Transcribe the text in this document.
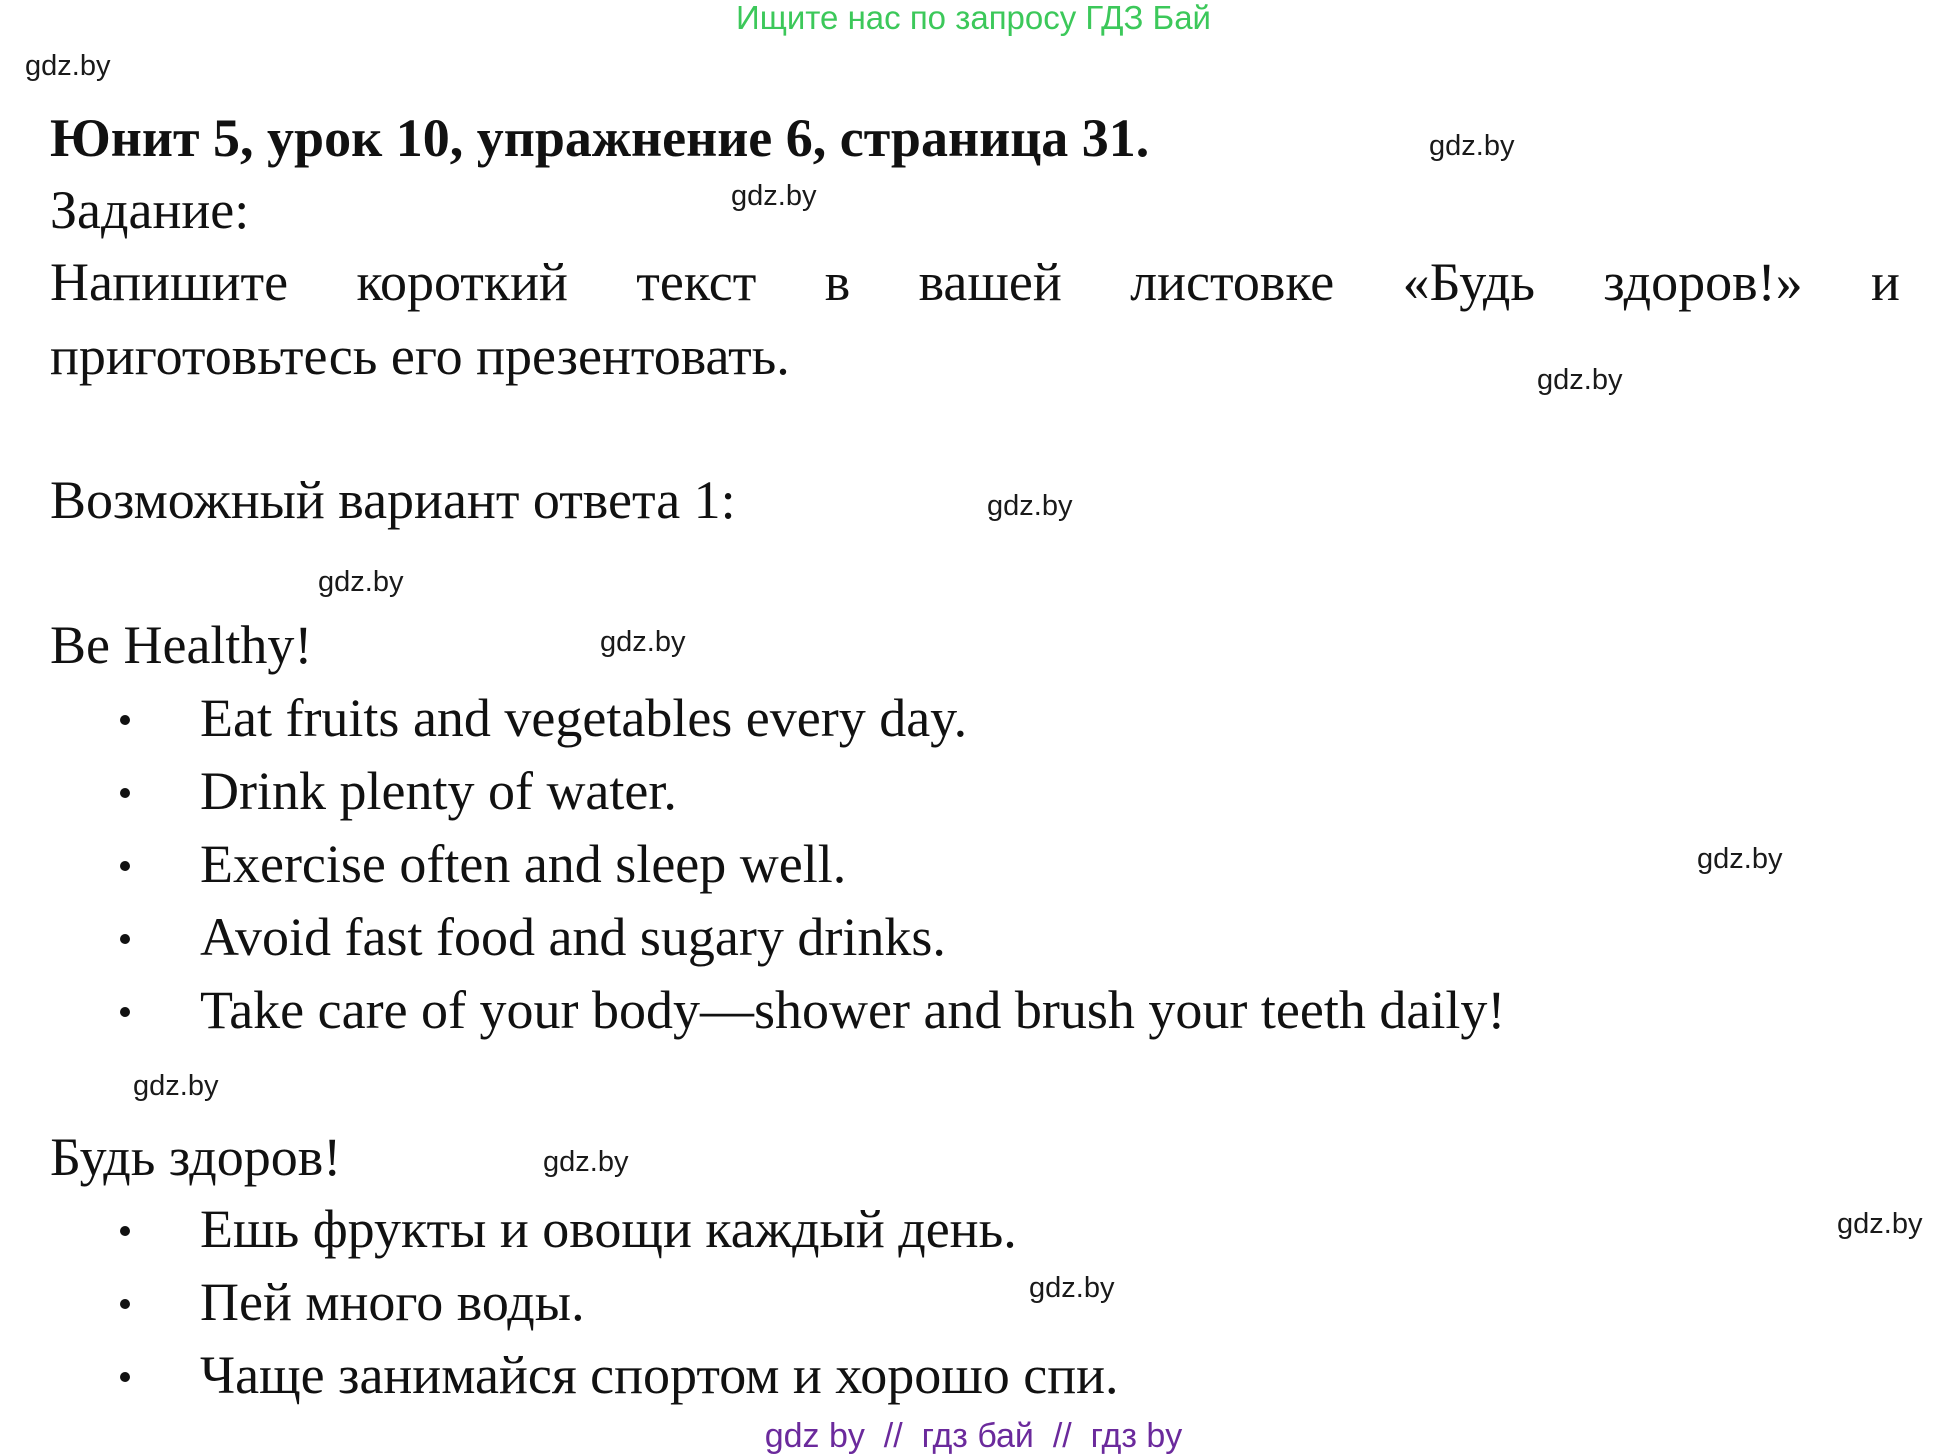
Ищите нас по запросу ГДЗ Бай
gdz.by
gdz.by
gdz.by
gdz.by
gdz.by
gdz.by
gdz.by
gdz.by
gdz.by
gdz.by
gdz.by
gdz.by
Юнит 5, урок 10, упражнение 6, страница 31.
Задание:
Напишите короткий текст в вашей листовке «Будь здоров!» и
приготовьтесь его презентовать.
Возможный вариант ответа 1:
Be Healthy!
Eat fruits and vegetables every day.
Drink plenty of water.
Exercise often and sleep well.
Avoid fast food and sugary drinks.
Take care of your body—shower and brush your teeth daily!
Будь здоров!
Ешь фрукты и овощи каждый день.
Пей много воды.
Чаще занимайся спортом и хорошо спи.
gdz by  //  гдз бай  //  гдз by
